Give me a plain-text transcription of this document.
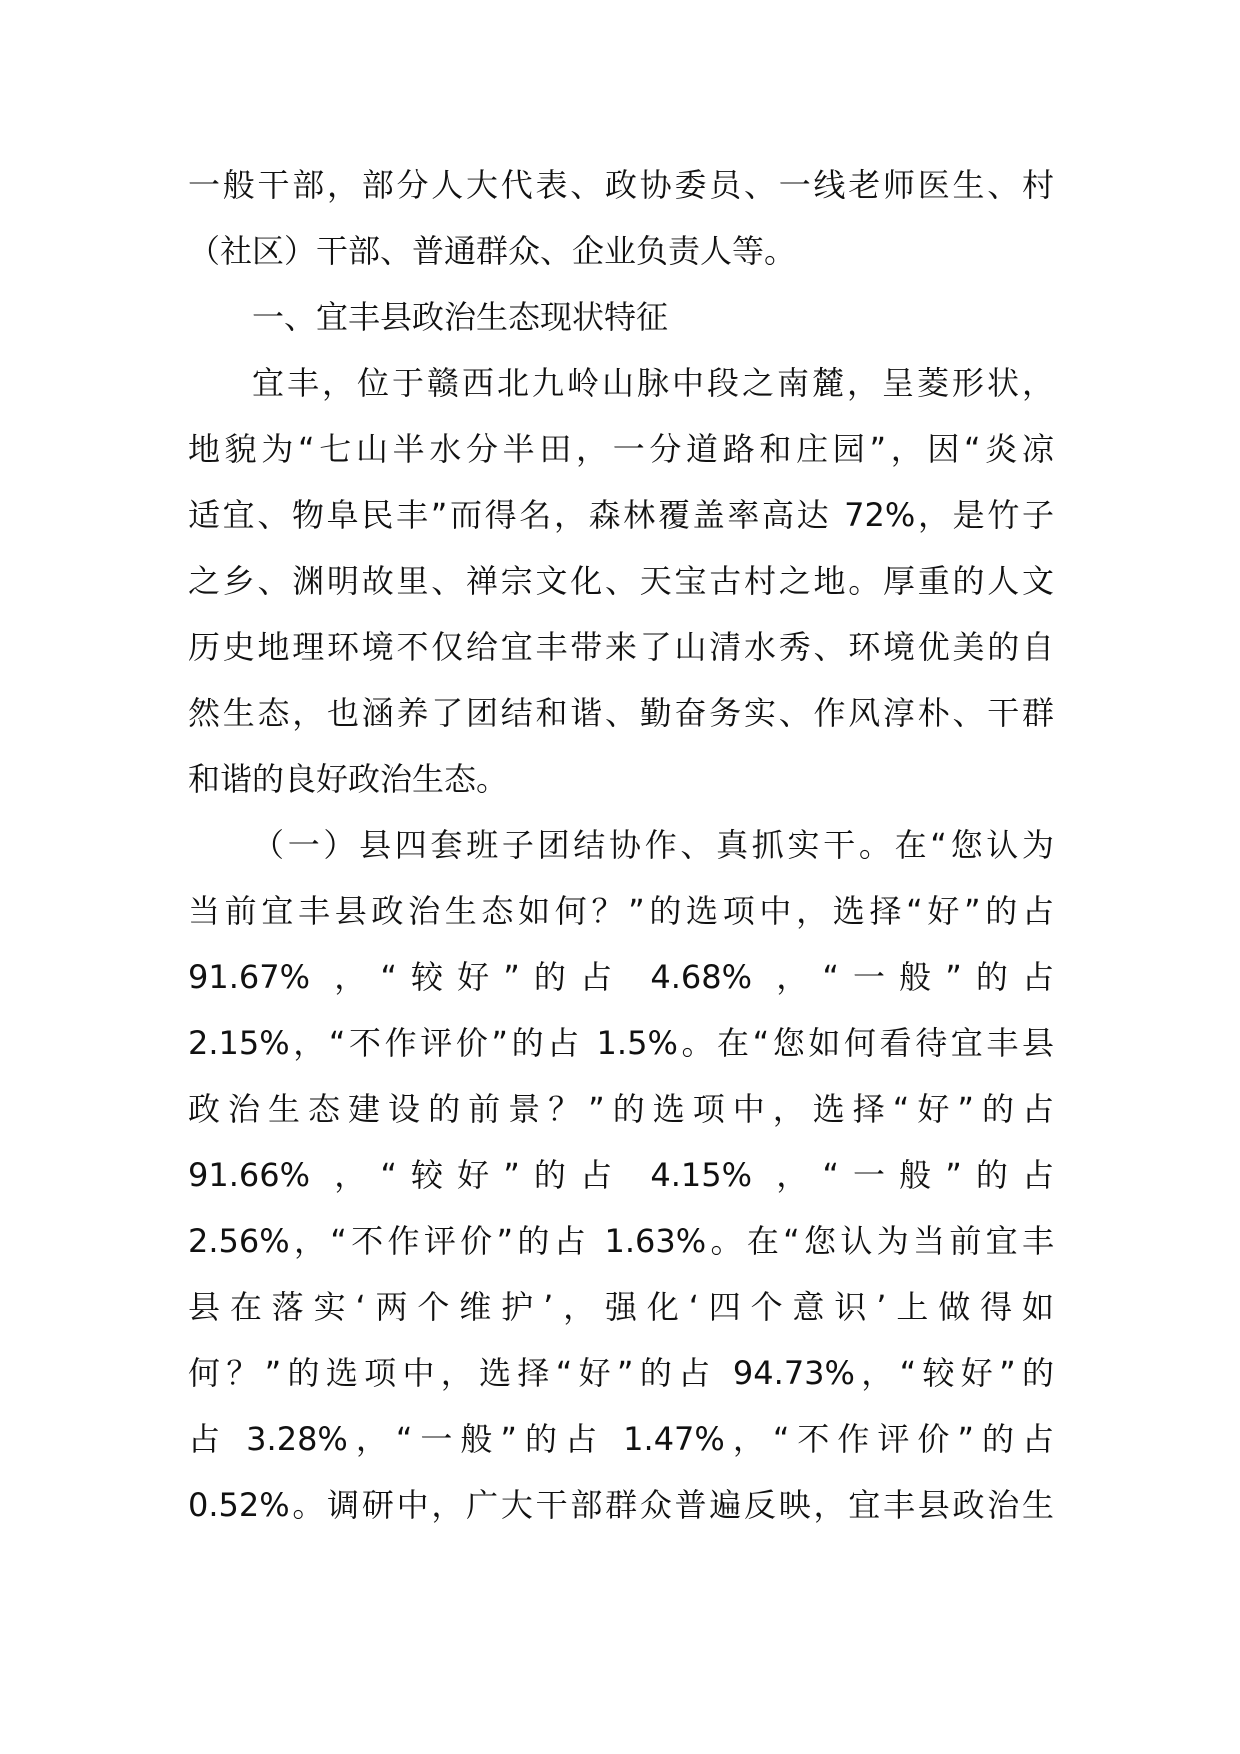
一般干部，部分人大代表、政协委员、一线老师医生、村
（社区）干部、普通群众、企业负责人等。
一、宜丰县政治生态现状特征
宜丰，位于赣西北九岭山脉中段之南麓，呈菱形状，
地貌为“七山半水分半田，一分道路和庄园”，因“炎凉
适宜、物阜民丰”而得名，森林覆盖率高达 72%，是竹子
之乡、渊明故里、禅宗文化、天宝古村之地。厚重的人文
历史地理环境不仅给宜丰带来了山清水秀、环境优美的自
然生态，也涵养了团结和谐、勤奋务实、作风淳朴、干群
和谐的良好政治生态。
（一）县四套班子团结协作、真抓实干。在“您认为
当前宜丰县政治生态如何？”的选项中，选择“好”的占
91.67% ，“较好”的占 4.68% ，“一般”的占
2.15%，“不作评价”的占 1.5%。在“您如何看待宜丰县
政治生态建设的前景？”的选项中，选择“好”的占
91.66% ，“较好”的占 4.15% ，“一般”的占
2.56%，“不作评价”的占 1.63%。在“您认为当前宜丰
县在落实‘两个维护’，强化‘四个意识’上做得如
何？”的选项中，选择“好”的占 94.73%，“较好”的
占 3.28%，“一般”的占 1.47%，“不作评价”的占
0.52%。调研中，广大干部群众普遍反映，宜丰县政治生
